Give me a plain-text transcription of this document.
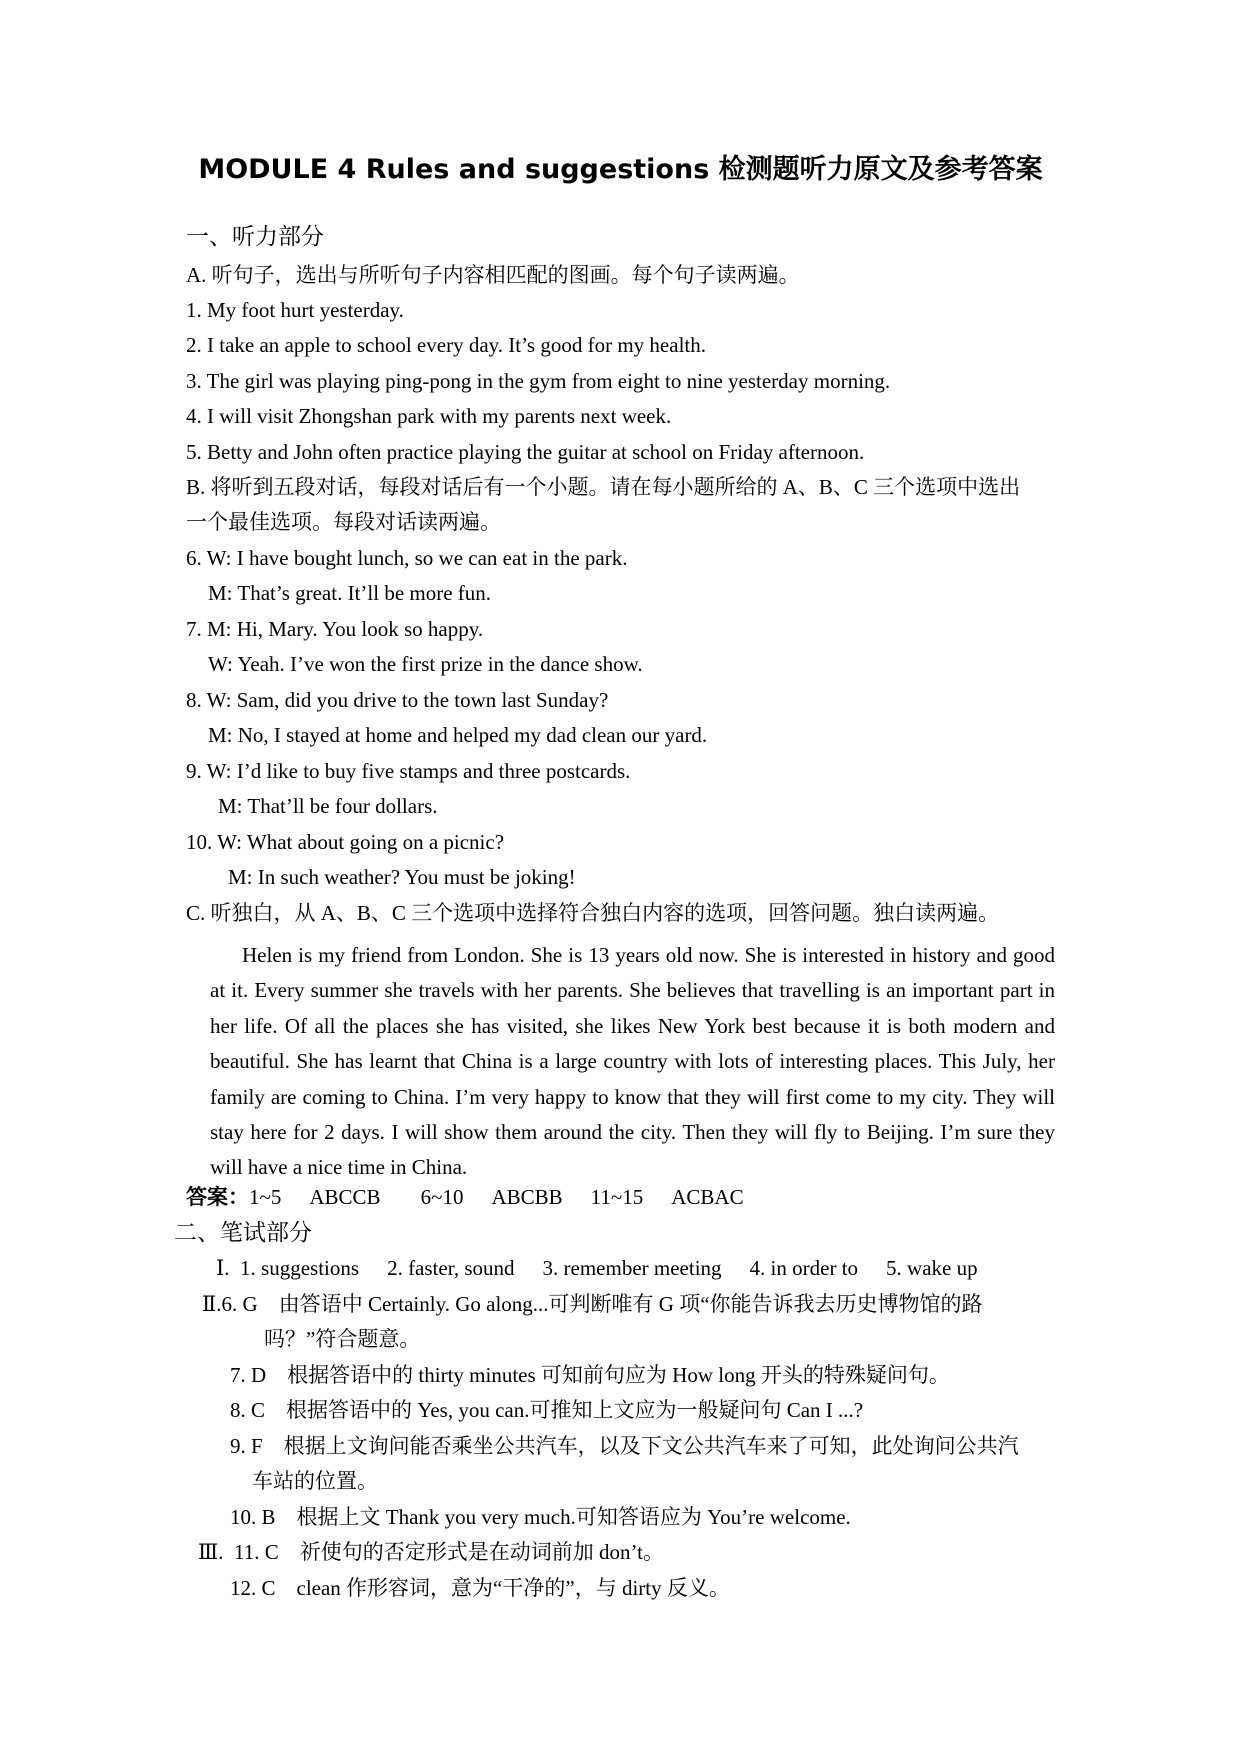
MODULE 4 Rules and suggestions 检测题听力原文及参考答案
一、听力部分
A. 听句子，选出与所听句子内容相匹配的图画。每个句子读两遍。
1. My foot hurt yesterday.
2. I take an apple to school every day. It’s good for my health.
3. The girl was playing ping-pong in the gym from eight to nine yesterday morning.
4. I will visit Zhongshan park with my parents next week.
5. Betty and John often practice playing the guitar at school on Friday afternoon.
B. 将听到五段对话，每段对话后有一个小题。请在每小题所给的 A、B、C 三个选项中选出
一个最佳选项。每段对话读两遍。
6. W: I have bought lunch, so we can eat in the park.
M: That’s great. It’ll be more fun.
7. M: Hi, Mary. You look so happy.
W: Yeah. I’ve won the first prize in the dance show.
8. W: Sam, did you drive to the town last Sunday?
M: No, I stayed at home and helped my dad clean our yard.
9. W: I’d like to buy five stamps and three postcards.
M: That’ll be four dollars.
10. W: What about going on a picnic?
M: In such weather? You must be joking!
C. 听独白，从 A、B、C 三个选项中选择符合独白内容的选项，回答问题。独白读两遍。
Helen is my friend from London. She is 13 years old now. She is interested in history and good at it. Every summer she travels with her parents. She believes that travelling is an important part in her life. Of all the places she has visited, she likes New York best because it is both modern and beautiful. She has learnt that China is a large country with lots of interesting places. This July, her family are coming to China. I’m very happy to know that they will first come to my city. They will stay here for 2 days. I will show them around the city. Then they will fly to Beijing. I’m sure they will have a nice time in China.
答案：1~5 ABCCB 6~10 ABCBB 11~15 ACBAC
二、笔试部分
Ⅰ. 1. suggestions 2. faster, sound 3. remember meeting 4. in order to 5. wake up
Ⅱ.6. G　由答语中 Certainly. Go along...可判断唯有 G 项“你能告诉我去历史博物馆的路
吗？”符合题意。
7. D　根据答语中的 thirty minutes 可知前句应为 How long 开头的特殊疑问句。
8. C　根据答语中的 Yes, you can.可推知上文应为一般疑问句 Can I ...?
9. F　根据上文询问能否乘坐公共汽车，以及下文公共汽车来了可知，此处询问公共汽
车站的位置。
10. B　根据上文 Thank you very much.可知答语应为 You’re welcome.
Ⅲ. 11. C　祈使句的否定形式是在动词前加 don’t。
12. C　clean 作形容词，意为“干净的”，与 dirty 反义。
